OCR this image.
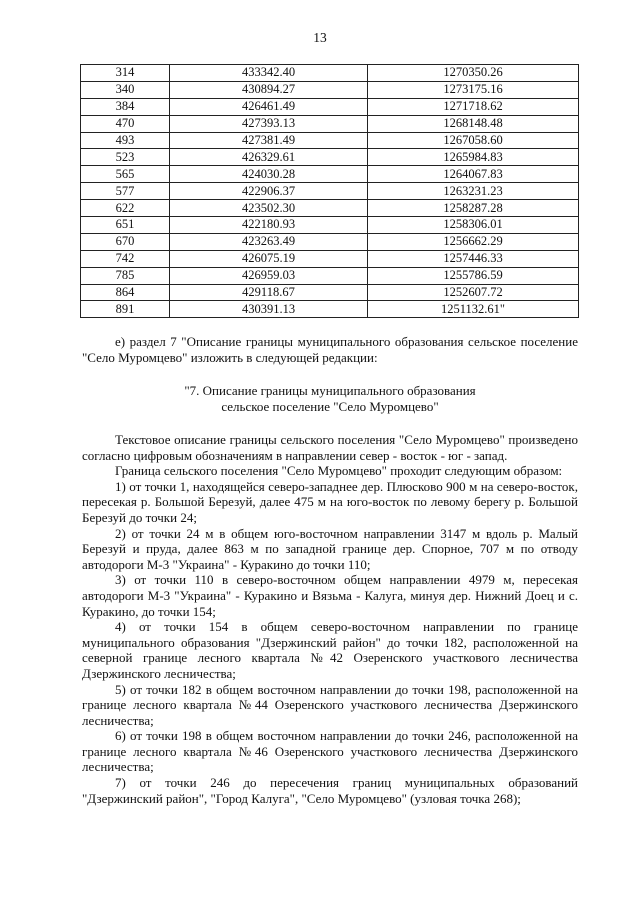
13
314	433342.40	1270350.26
340	430894.27	1273175.16
384	426461.49	1271718.62
470	427393.13	1268148.48
493	427381.49	1267058.60
523	426329.61	1265984.83
565	424030.28	1264067.83
577	422906.37	1263231.23
622	423502.30	1258287.28
651	422180.93	1258306.01
670	423263.49	1256662.29
742	426075.19	1257446.33
785	426959.03	1255786.59
864	429118.67	1252607.72
891	430391.13	1251132.61"

е) раздел 7 "Описание границы муниципального образования сельское поселение "Село Муромцево" изложить в следующей редакции:

"7. Описание границы муниципального образования
сельское поселение "Село Муромцево"

Текстовое описание границы сельского поселения "Село Муромцево" произведено согласно цифровым обозначениям в направлении север - восток - юг - запад.

Граница сельского поселения "Село Муромцево" проходит следующим образом:

1) от точки 1, находящейся северо-западнее дер. Плюсково 900 м на северо-восток, пересекая р. Большой Березуй, далее 475 м на юго-восток по левому берегу р. Большой Березуй до точки 24;

2) от точки 24 м в общем юго-восточном направлении 3147 м вдоль р. Малый Березуй и пруда, далее 863 м по западной границе дер. Спорное, 707 м по отводу автодороги М-3 "Украина" - Куракино до точки 110;

3) от точки 110 в северо-восточном общем направлении 4979 м, пересекая автодороги М-3 "Украина" - Куракино и Вязьма - Калуга, минуя дер. Нижний Доец и с. Куракино, до точки 154;

4) от точки 154 в общем северо-восточном направлении по границе муниципального образования "Дзержинский район" до точки 182, расположенной на северной границе лесного квартала №42 Озеренского участкового лесничества Дзержинского лесничества;

5) от точки 182 в общем восточном направлении до точки 198, расположенной на границе лесного квартала №44 Озеренского участкового лесничества Дзержинского лесничества;

6) от точки 198 в общем восточном направлении до точки 246, расположенной на границе лесного квартала №46 Озеренского участкового лесничества Дзержинского лесничества;

7) от точки 246 до пересечения границ муниципальных образований "Дзержинский район", "Город Калуга", "Село Муромцево" (узловая точка 268);
